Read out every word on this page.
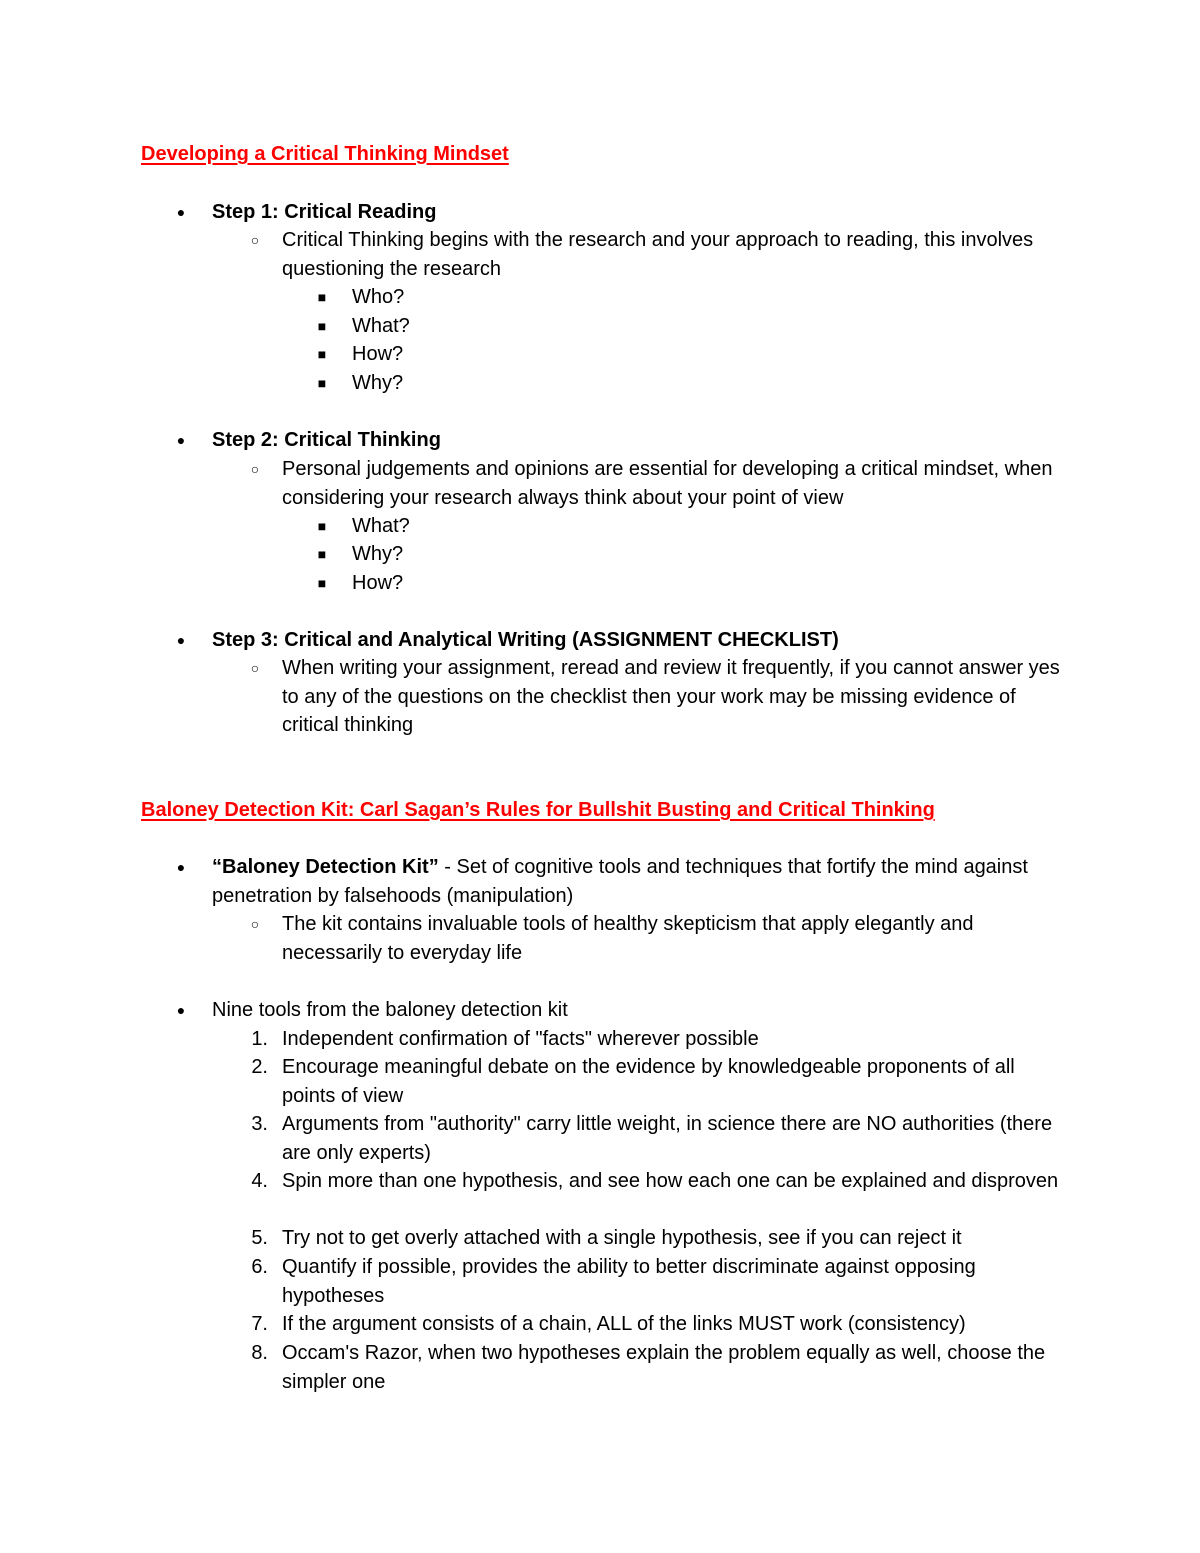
Developing a Critical Thinking Mindset
●	Step 1: Critical Reading
○	Critical Thinking begins with the research and your approach to reading, this involves questioning the research
■	Who?
■	What?
■	How?
■	Why?
●	Step 2: Critical Thinking
○	Personal judgements and opinions are essential for developing a critical mindset, when considering your research always think about your point of view
■	What?
■	Why?
■	How?
●	Step 3: Critical and Analytical Writing (ASSIGNMENT CHECKLIST)
○	When writing your assignment, reread and review it frequently, if you cannot answer yes to any of the questions on the checklist then your work may be missing evidence of critical thinking
Baloney Detection Kit: Carl Sagan’s Rules for Bullshit Busting and Critical Thinking
●	“Baloney Detection Kit” - Set of cognitive tools and techniques that fortify the mind against penetration by falsehoods (manipulation)
○	The kit contains invaluable tools of healthy skepticism that apply elegantly and necessarily to everyday life
●	Nine tools from the baloney detection kit
1. Independent confirmation of "facts" wherever possible
2. Encourage meaningful debate on the evidence by knowledgeable proponents of all points of view
3. Arguments from "authority" carry little weight, in science there are NO authorities (there are only experts)
4. Spin more than one hypothesis, and see how each one can be explained and disproven
5. Try not to get overly attached with a single hypothesis, see if you can reject it
6. Quantify if possible, provides the ability to better discriminate against opposing hypotheses
7. If the argument consists of a chain, ALL of the links MUST work (consistency)
8. Occam's Razor, when two hypotheses explain the problem equally as well, choose the simpler one
